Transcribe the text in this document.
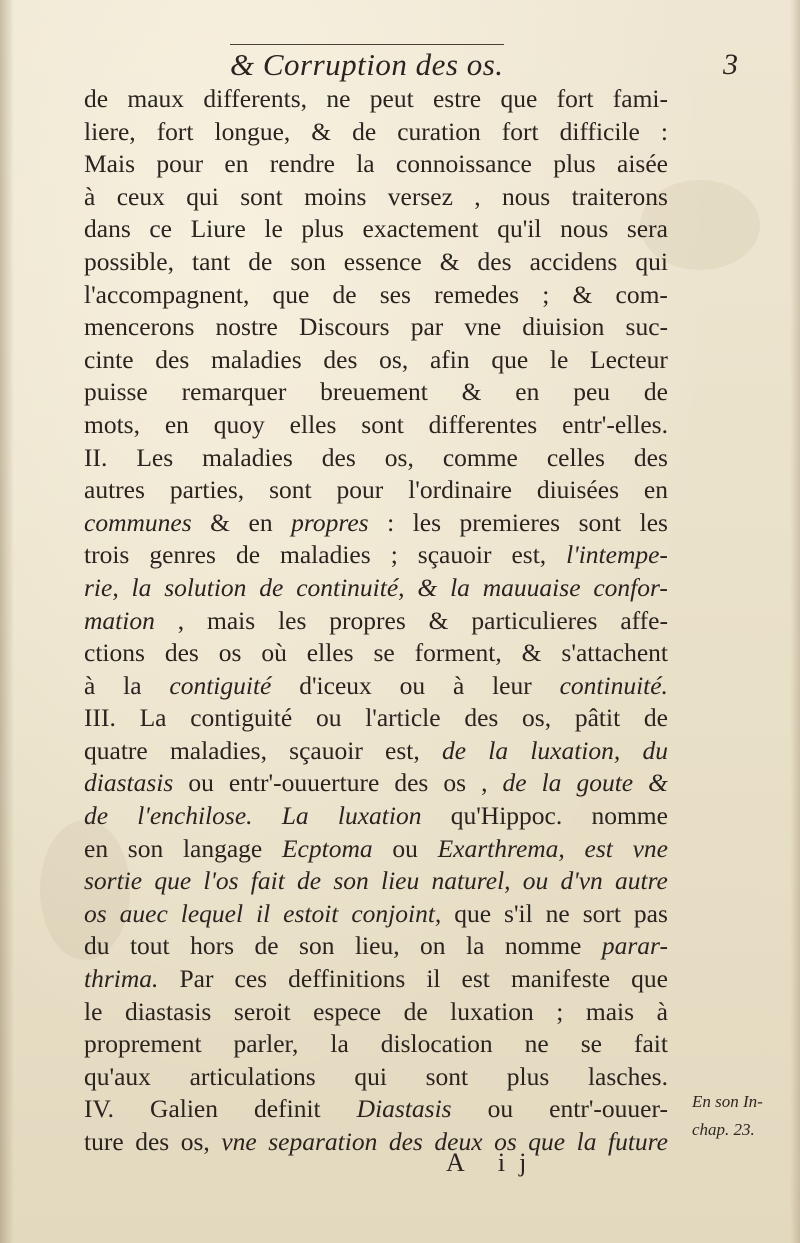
& Corruption des os.	3
de maux differents, ne peut estre que fort fami-
liere, fort longue, & de curation fort difficile :
Mais pour en rendre la connoissance plus aisée
à ceux qui sont moins versez , nous traiterons
dans ce Liure le plus exactement qu'il nous sera
possible, tant de son essence & des accidens qui
l'accompagnent, que de ses remedes ; & com-
mencerons nostre Discours par vne diuision suc-
cinte des maladies des os, afin que le Lecteur
puisse remarquer breuement & en peu de
mots, en quoy elles sont differentes entr'-elles.
II. Les maladies des os, comme celles des
autres parties, sont pour l'ordinaire diuisées en
communes & en propres : les premieres sont les
trois genres de maladies ; sçauoir est, l'intempe-
rie, la solution de continuité, & la mauuaise confor-
mation , mais les propres & particulieres affe-
ctions des os où elles se forment, & s'attachent
à la contiguité d'iceux ou à leur continuité.
III. La contiguité ou l'article des os, pâtit de
quatre maladies, sçauoir est, de la luxation, du
diastasis ou entr'-ouuerture des os , de la goute &
de l'enchilose. La luxation qu'Hippoc. nomme
en son langage Ecptoma ou Exarthrema, est vne
sortie que l'os fait de son lieu naturel, ou d'vn autre
os auec lequel il estoit conjoint, que s'il ne sort pas
du tout hors de son lieu, on la nomme parar-
thrima. Par ces deffinitions il est manifeste que
le diastasis seroit espece de luxation ; mais à
proprement parler, la dislocation ne se fait
qu'aux articulations qui sont plus lasches.
IV. Galien definit Diastasis ou entr'-ouuer-
ture des os, vne separation des deux os que la future
En son In-
chap. 23.
A ij
